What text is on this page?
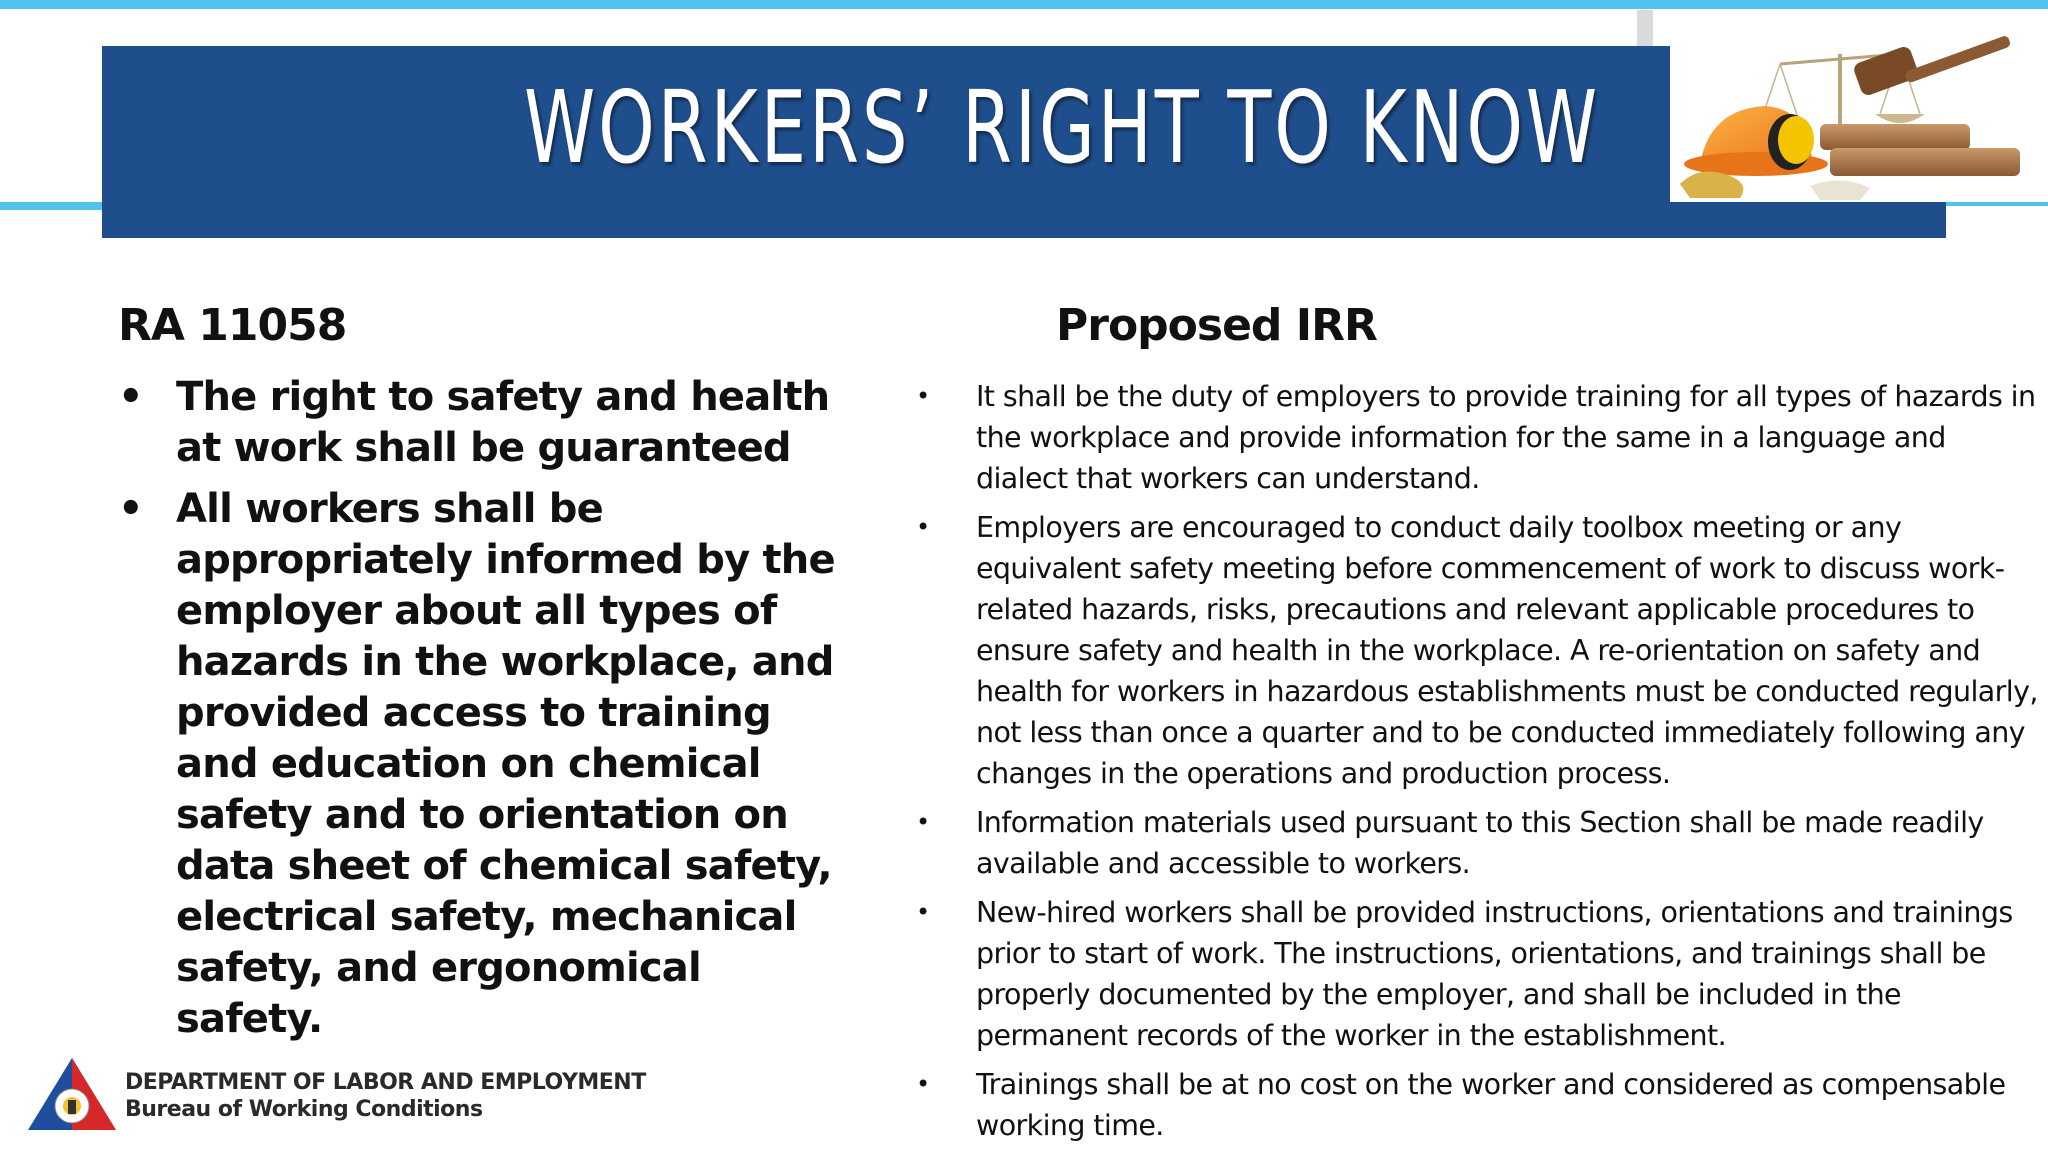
WORKERS’ RIGHT TO KNOW
RA 11058
• The right to safety and health at work shall be guaranteed
• All workers shall be appropriately informed by the employer about all types of hazards in the workplace, and provided access to training and education on chemical safety and to orientation on data sheet of chemical safety, electrical safety, mechanical safety, and ergonomical safety.
Proposed IRR
• It shall be the duty of employers to provide training for all types of hazards in the workplace and provide information for the same in a language and dialect that workers can understand.
• Employers are encouraged to conduct daily toolbox meeting or any equivalent safety meeting before commencement of work to discuss work-related hazards, risks, precautions and relevant applicable procedures to ensure safety and health in the workplace. A re-orientation on safety and health for workers in hazardous establishments must be conducted regularly, not less than once a quarter and to be conducted immediately following any changes in the operations and production process.
• Information materials used pursuant to this Section shall be made readily available and accessible to workers.
• New-hired workers shall be provided instructions, orientations and trainings prior to start of work. The instructions, orientations, and trainings shall be properly documented by the employer, and shall be included in the permanent records of the worker in the establishment.
• Trainings shall be at no cost on the worker and considered as compensable working time.
DEPARTMENT OF LABOR AND EMPLOYMENT
Bureau of Working Conditions
